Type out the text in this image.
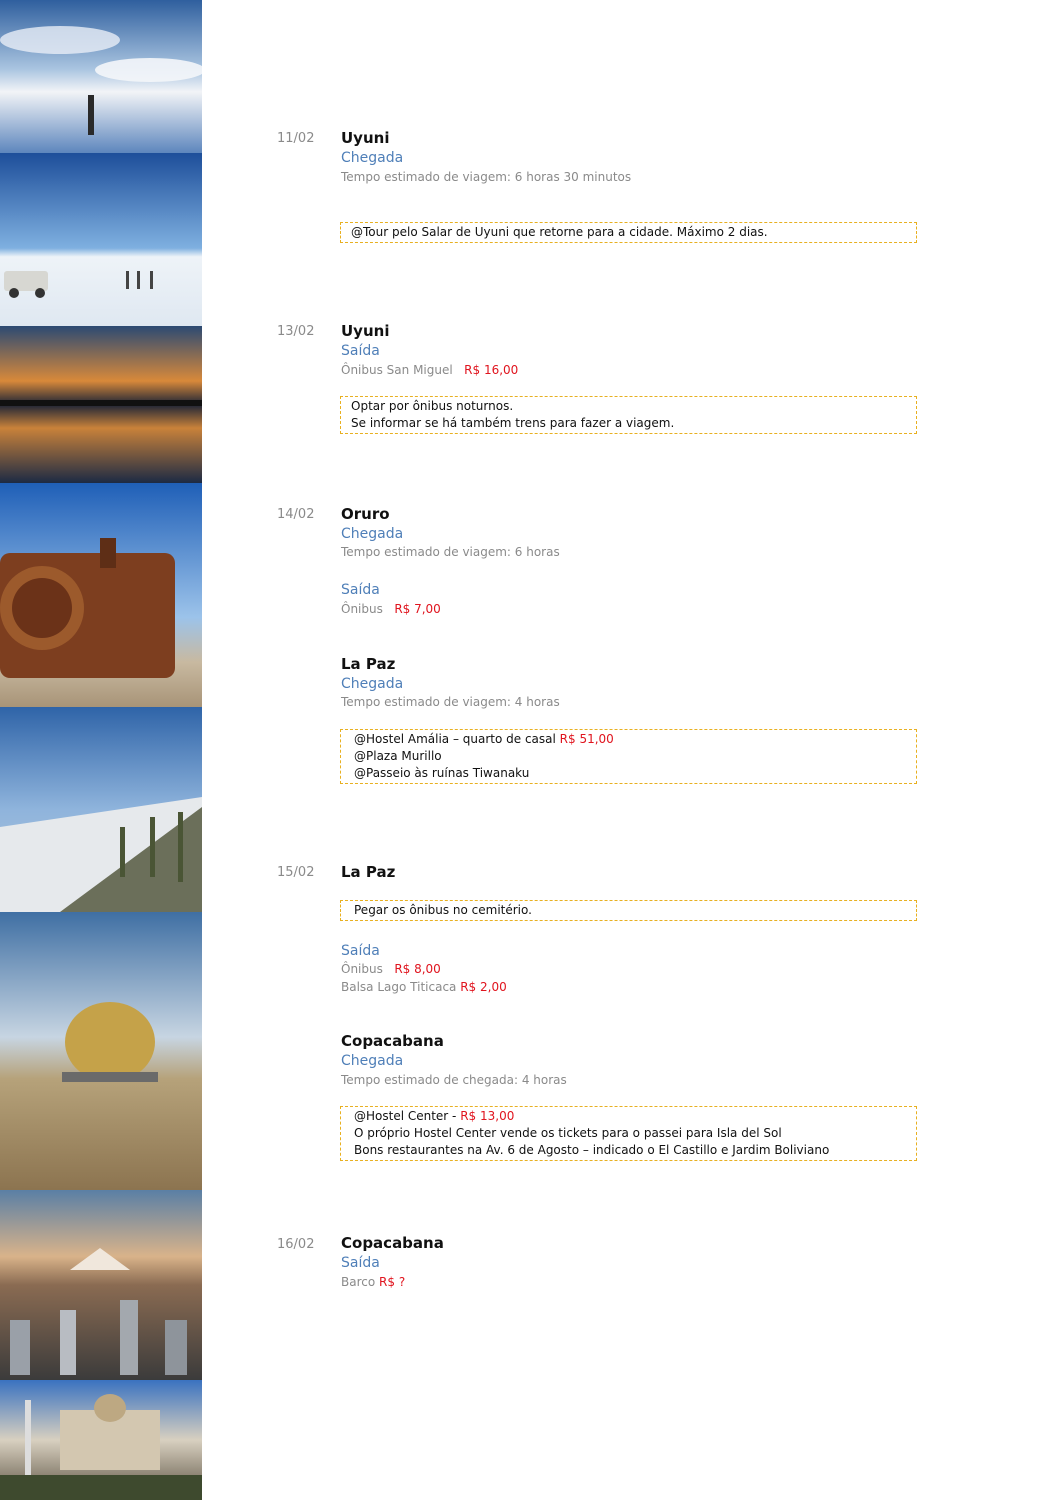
11/02 Uyuni
Chegada
Tempo estimado de viagem: 6 horas 30 minutos
@Tour pelo Salar de Uyuni que retorne para a cidade. Máximo 2 dias.
13/02 Uyuni
Saída
Ônibus San Miguel R$ 16,00
Optar por ônibus noturnos.
Se informar se há também trens para fazer a viagem.
14/02 Oruro
Chegada
Tempo estimado de viagem: 6 horas
Saída
Ônibus R$ 7,00
La Paz
Chegada
Tempo estimado de viagem: 4 horas
@Hostel Amália – quarto de casal R$ 51,00
@Plaza Murillo
@Passeio às ruínas Tiwanaku
15/02 La Paz
Pegar os ônibus no cemitério.
Saída
Ônibus R$ 8,00
Balsa Lago Titicaca R$ 2,00
Copacabana
Chegada
Tempo estimado de chegada: 4 horas
@Hostel Center - R$ 13,00
O próprio Hostel Center vende os tickets para o passei para Isla del Sol
Bons restaurantes na Av. 6 de Agosto – indicado o El Castillo e Jardim Boliviano
16/02 Copacabana
Saída
Barco R$ ?
